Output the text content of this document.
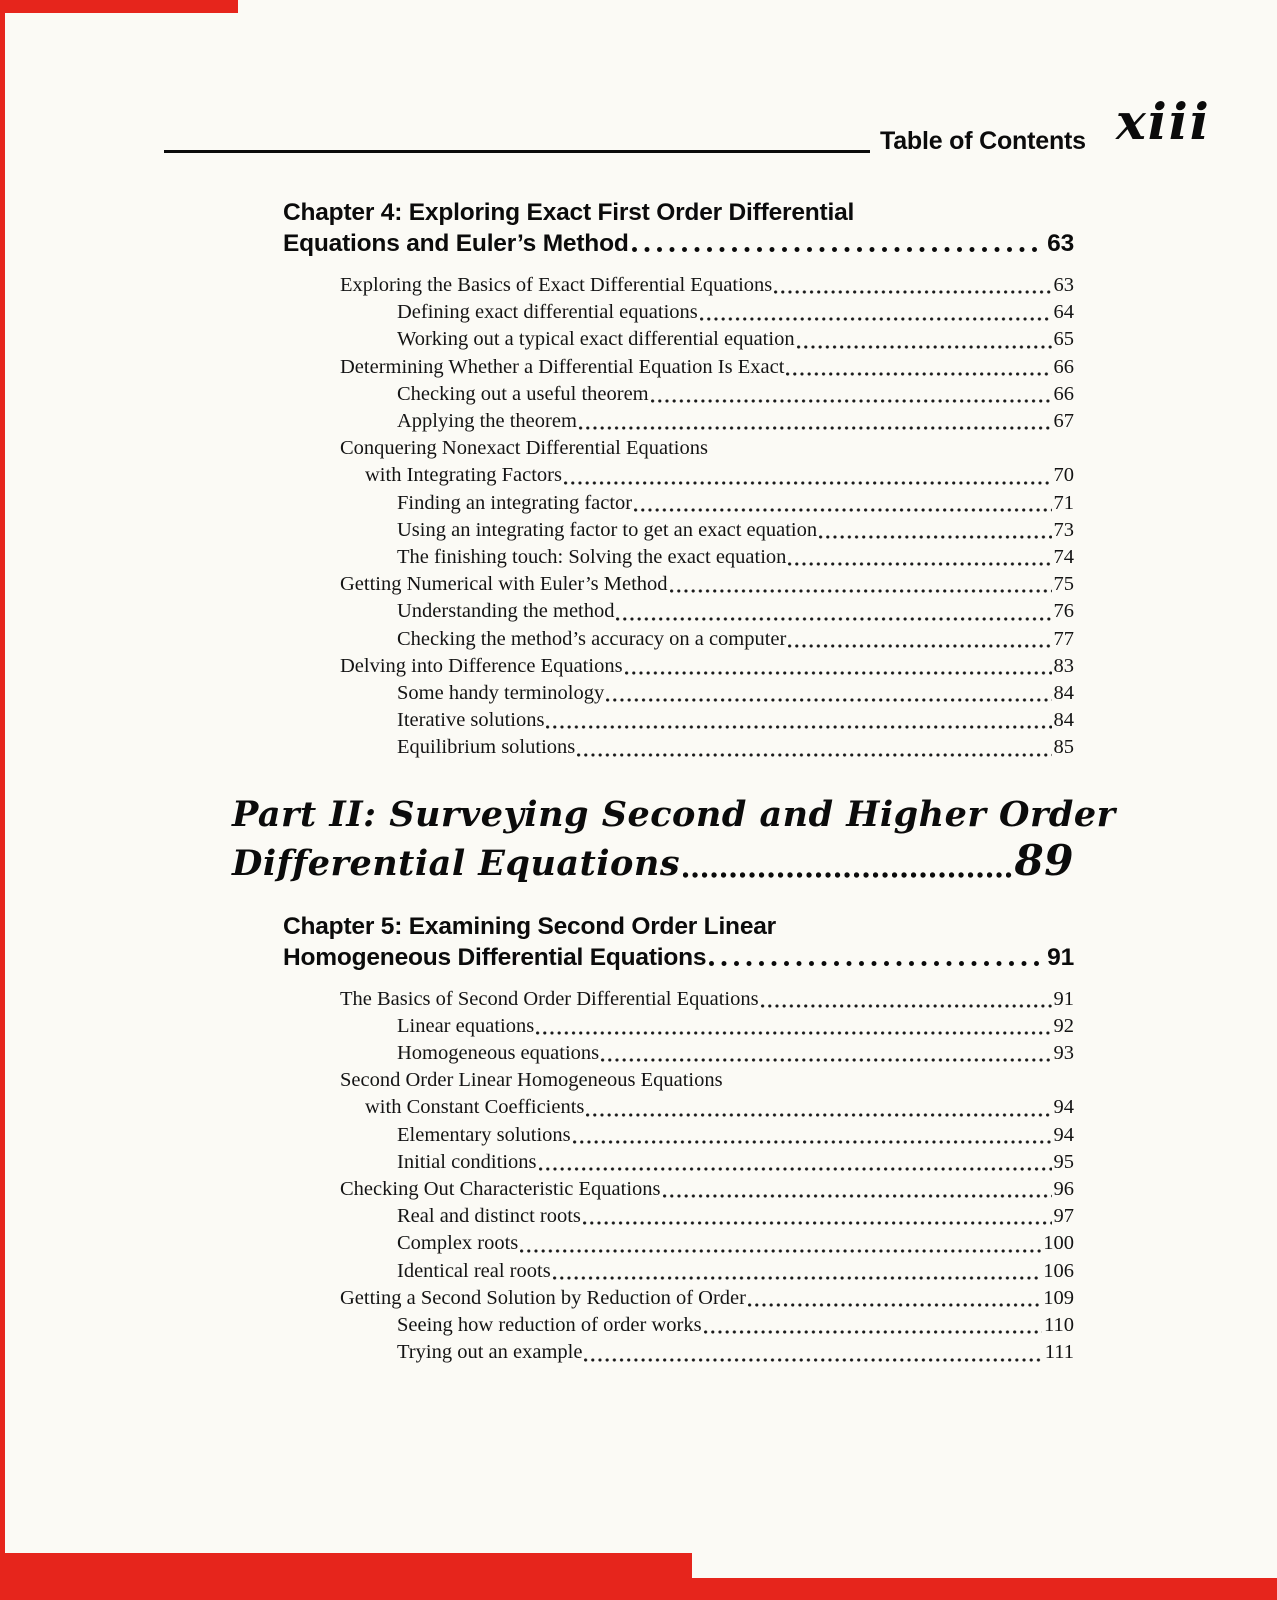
Table of Contents xiii
Chapter 4: Exploring Exact First Order Differential
Equations and Euler’s Method	63
Exploring the Basics of Exact Differential Equations	63
Defining exact differential equations	64
Working out a typical exact differential equation	65
Determining Whether a Differential Equation Is Exact	66
Checking out a useful theorem	66
Applying the theorem	67
Conquering Nonexact Differential Equations
with Integrating Factors	70
Finding an integrating factor	71
Using an integrating factor to get an exact equation	73
The finishing touch: Solving the exact equation	74
Getting Numerical with Euler’s Method	75
Understanding the method	76
Checking the method’s accuracy on a computer	77
Delving into Difference Equations	83
Some handy terminology	84
Iterative solutions	84
Equilibrium solutions	85
Part II: Surveying Second and Higher Order
Differential Equations	89
Chapter 5: Examining Second Order Linear
Homogeneous Differential Equations	91
The Basics of Second Order Differential Equations	91
Linear equations	92
Homogeneous equations	93
Second Order Linear Homogeneous Equations
with Constant Coefficients	94
Elementary solutions	94
Initial conditions	95
Checking Out Characteristic Equations	96
Real and distinct roots	97
Complex roots	100
Identical real roots	106
Getting a Second Solution by Reduction of Order	109
Seeing how reduction of order works	110
Trying out an example	111
